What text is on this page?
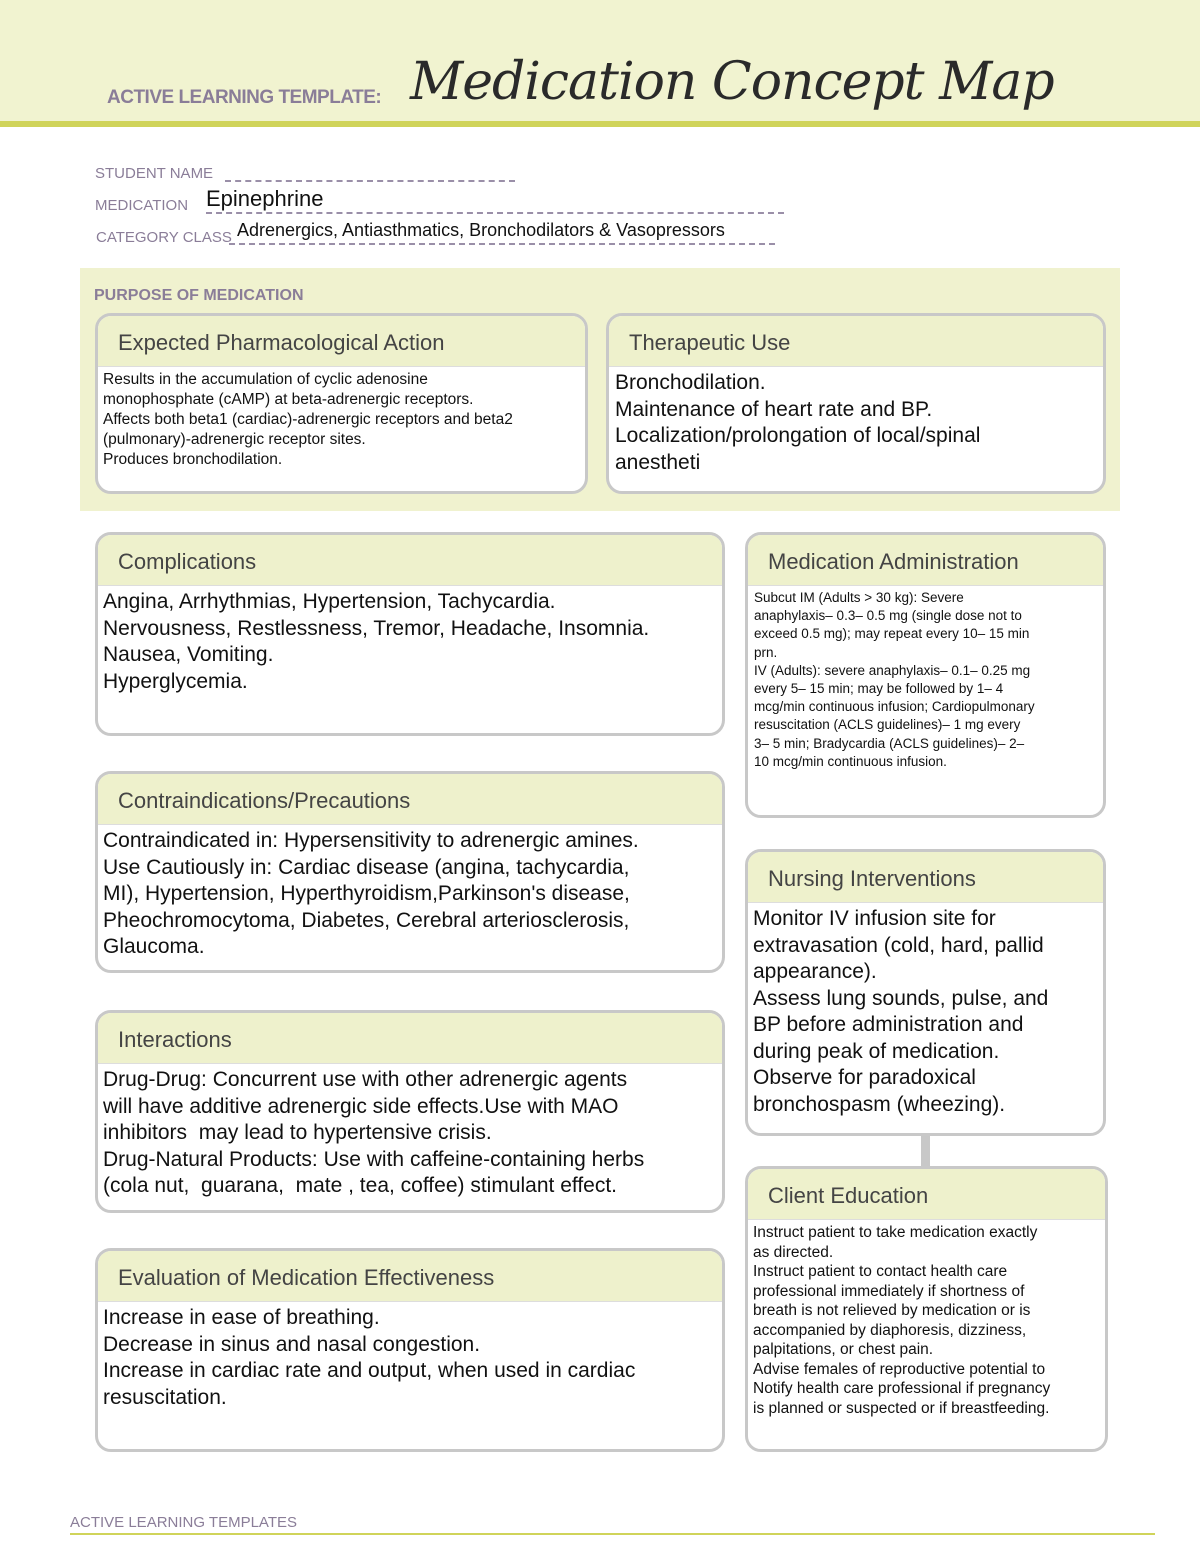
ACTIVE LEARNING TEMPLATE: Medication Concept Map
STUDENT NAME
MEDICATION Epinephrine
CATEGORY CLASS Adrenergics, Antiasthmatics, Bronchodilators & Vasopressors
PURPOSE OF MEDICATION
Expected Pharmacological Action
Results in the accumulation of cyclic adenosine
monophosphate (cAMP) at beta-adrenergic receptors.
Affects both beta1 (cardiac)-adrenergic receptors and beta2
(pulmonary)-adrenergic receptor sites.
Produces bronchodilation.
Therapeutic Use
Bronchodilation.
Maintenance of heart rate and BP.
Localization/prolongation of local/spinal
anestheti
Complications
Angina, Arrhythmias, Hypertension, Tachycardia.
Nervousness, Restlessness, Tremor, Headache, Insomnia.
Nausea, Vomiting.
Hyperglycemia.
Medication Administration
Subcut IM (Adults > 30 kg): Severe
anaphylaxis– 0.3– 0.5 mg (single dose not to
exceed 0.5 mg); may repeat every 10– 15 min
prn.
IV (Adults): severe anaphylaxis– 0.1– 0.25 mg
every 5– 15 min; may be followed by 1– 4
mcg/min continuous infusion; Cardiopulmonary
resuscitation (ACLS guidelines)– 1 mg every
3– 5 min; Bradycardia (ACLS guidelines)– 2–
10 mcg/min continuous infusion.
Contraindications/Precautions
Contraindicated in: Hypersensitivity to adrenergic amines.
Use Cautiously in: Cardiac disease (angina, tachycardia,
MI), Hypertension, Hyperthyroidism,Parkinson's disease,
Pheochromocytoma, Diabetes, Cerebral arteriosclerosis,
Glaucoma.
Nursing Interventions
Monitor IV infusion site for
extravasation (cold, hard, pallid
appearance).
Assess lung sounds, pulse, and
BP before administration and
during peak of medication.
Observe for paradoxical
bronchospasm (wheezing).
Interactions
Drug-Drug: Concurrent use with other adrenergic agents
will have additive adrenergic side effects.Use with MAO
inhibitors  may lead to hypertensive crisis.
Drug-Natural Products: Use with caffeine-containing herbs
(cola nut,  guarana,  mate , tea, coffee) stimulant effect.	Client Education
Instruct patient to take medication exactly
as directed.
Instruct patient to contact health care
professional immediately if shortness of
breath is not relieved by medication or is
accompanied by diaphoresis, dizziness,
palpitations, or chest pain.
Advise females of reproductive potential to
Notify health care professional if pregnancy
is planned or suspected or if breastfeeding.
Evaluation of Medication Effectiveness
Increase in ease of breathing.
Decrease in sinus and nasal congestion.
Increase in cardiac rate and output, when used in cardiac
resuscitation.
ACTIVE LEARNING TEMPLATES
